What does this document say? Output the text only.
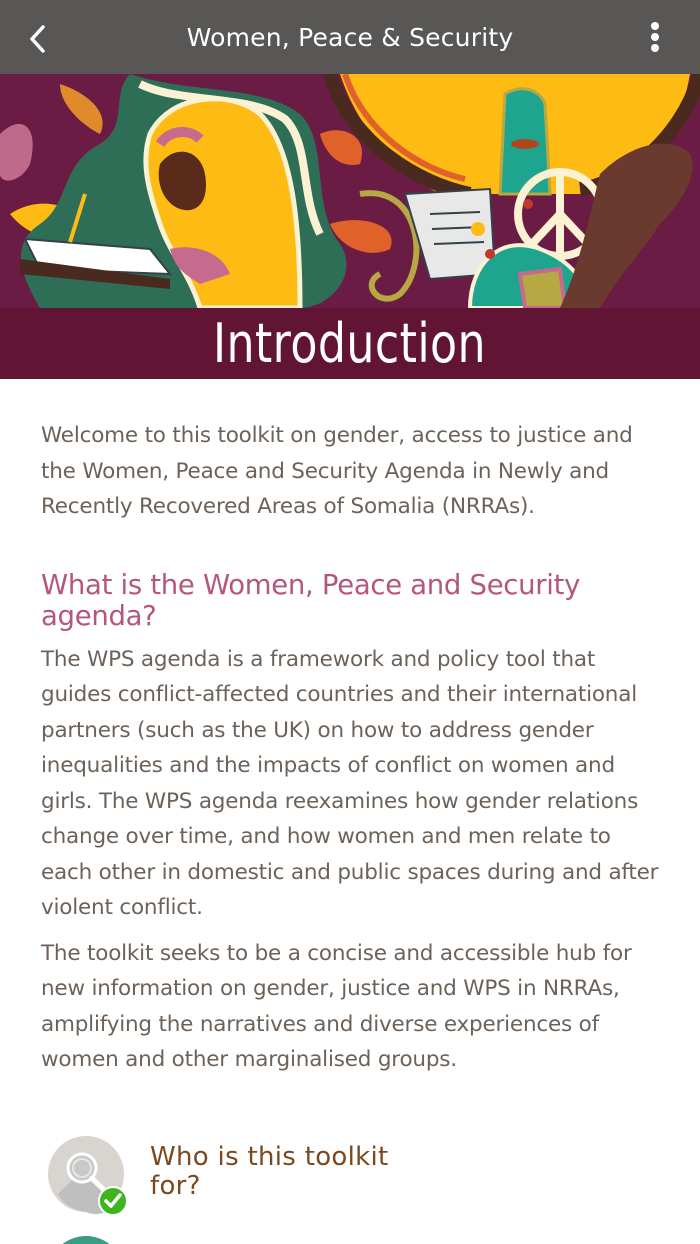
Women, Peace & Security
Introduction

Welcome to this toolkit on gender, access to justice and the Women, Peace and Security Agenda in Newly and Recently Recovered Areas of Somalia (NRRAs).

What is the Women, Peace and Security agenda?

The WPS agenda is a framework and policy tool that guides conflict-affected countries and their international partners (such as the UK) on how to address gender inequalities and the impacts of conflict on women and girls. The WPS agenda reexamines how gender relations change over time, and how women and men relate to each other in domestic and public spaces during and after violent conflict.

The toolkit seeks to be a concise and accessible hub for new information on gender, justice and WPS in NRRAs, amplifying the narratives and diverse experiences of women and other marginalised groups.

Who is this toolkit for?
